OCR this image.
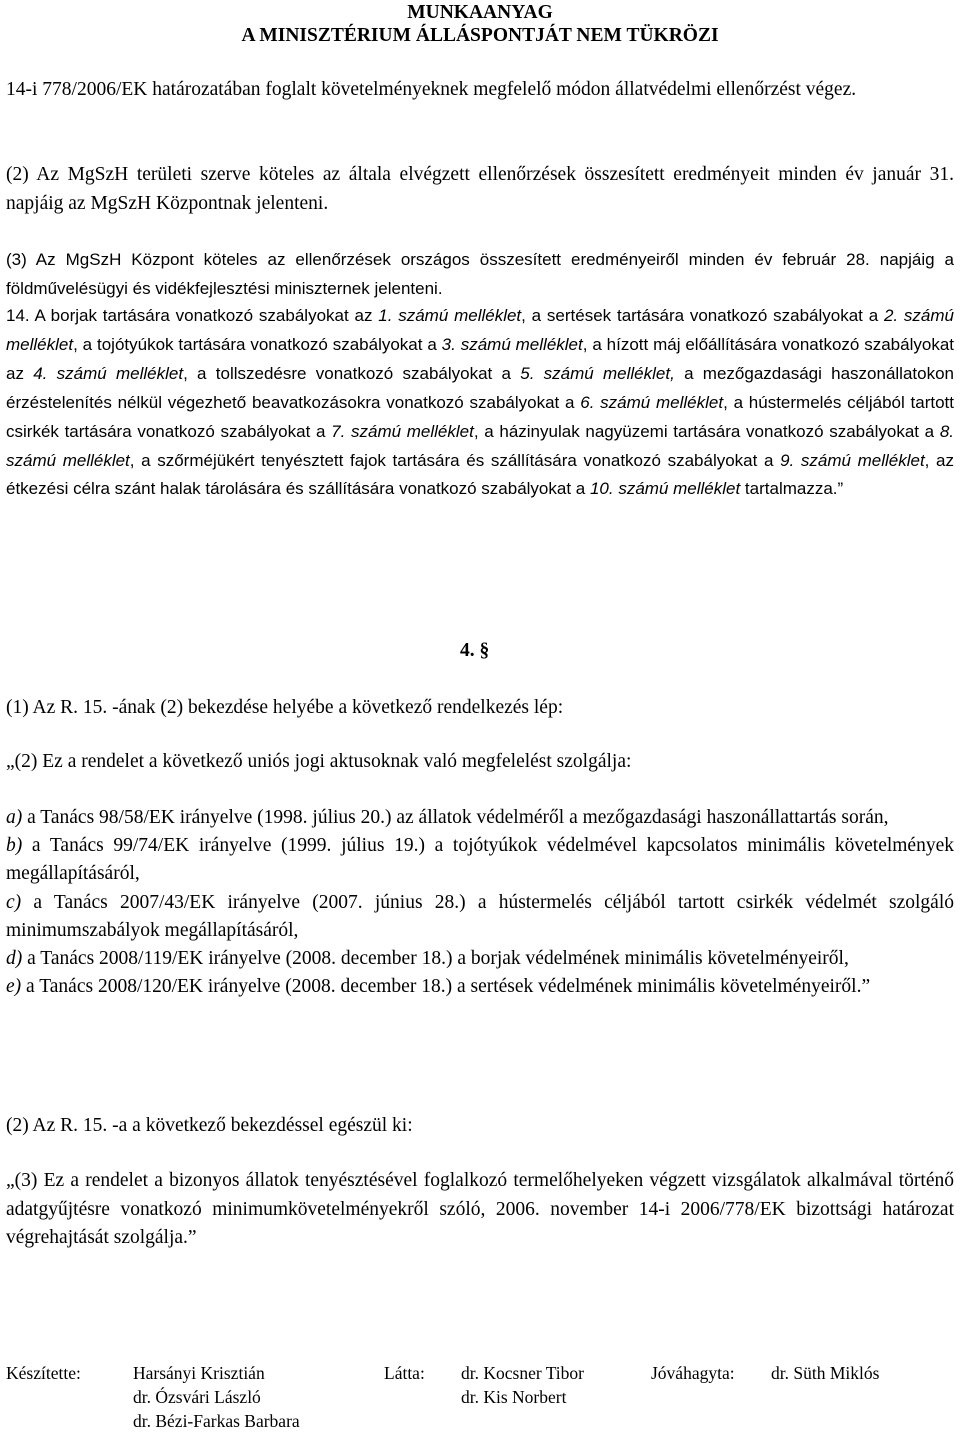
MUNKAANYAG
A MINISZTÉRIUM ÁLLÁSPONTJÁT NEM TÜKRÖZI
14-i 778/2006/EK határozatában foglalt követelményeknek megfelelő módon állatvédelmi ellenőrzést végez.
(2) Az MgSzH területi szerve köteles az általa elvégzett ellenőrzések összesített eredményeit minden év január 31. napjáig az MgSzH Központnak jelenteni.
(3) Az MgSzH Központ köteles az ellenőrzések országos összesített eredményeiről minden év február 28. napjáig a földművelésügyi és vidékfejlesztési miniszternek jelenteni.
14. A borjak tartására vonatkozó szabályokat az 1. számú melléklet, a sertések tartására vonatkozó szabályokat a 2. számú melléklet, a tojótyúkok tartására vonatkozó szabályokat a 3. számú melléklet, a hízott máj előállítására vonatkozó szabályokat az 4. számú melléklet, a tollszedésre vonatkozó szabályokat a 5. számú melléklet, a mezőgazdasági haszonállatokon érzéstelenítés nélkül végezhető beavatkozásokra vonatkozó szabályokat a 6. számú melléklet, a hústermelés céljából tartott csirkék tartására vonatkozó szabályokat a 7. számú melléklet, a házinyulak nagyüzemi tartására vonatkozó szabályokat a 8. számú melléklet, a szőrméjükért tenyésztett fajok tartására és szállítására vonatkozó szabályokat a 9. számú melléklet, az étkezési célra szánt halak tárolására és szállítására vonatkozó szabályokat a 10. számú melléklet tartalmazza.”
4. §
(1) Az R. 15. -ának (2) bekezdése helyébe a következő rendelkezés lép:
„(2) Ez a rendelet a következő uniós jogi aktusoknak való megfelelést szolgálja:
a) a Tanács 98/58/EK irányelve (1998. július 20.) az állatok védelméről a mezőgazdasági haszonállattartás során,
b) a Tanács 99/74/EK irányelve (1999. július 19.) a tojótyúkok védelmével kapcsolatos minimális követelmények megállapításáról,
c) a Tanács 2007/43/EK irányelve (2007. június 28.) a hústermelés céljából tartott csirkék védelmét szolgáló minimumszabályok megállapításáról,
d) a Tanács 2008/119/EK irányelve (2008. december 18.) a borjak védelmének minimális követelményeiről,
e) a Tanács 2008/120/EK irányelve (2008. december 18.) a sertések védelmének minimális követelményeiről.”
(2) Az R. 15. -a a következő bekezdéssel egészül ki:
„(3) Ez a rendelet a bizonyos állatok tenyésztésével foglalkozó termelőhelyeken végzett vizsgálatok alkalmával történő adatgyűjtésre vonatkozó minimumkövetelményekről szóló, 2006. november 14-i 2006/778/EK bizottsági határozat végrehajtását szolgálja.”
Készítette:	Harsányi Krisztián
dr. Ózsvári László
dr. Bézi-Farkas Barbara
Látta: dr. Kocsner Tibor
dr. Kis Norbert
Jóváhagyta: dr. Süth Miklós
